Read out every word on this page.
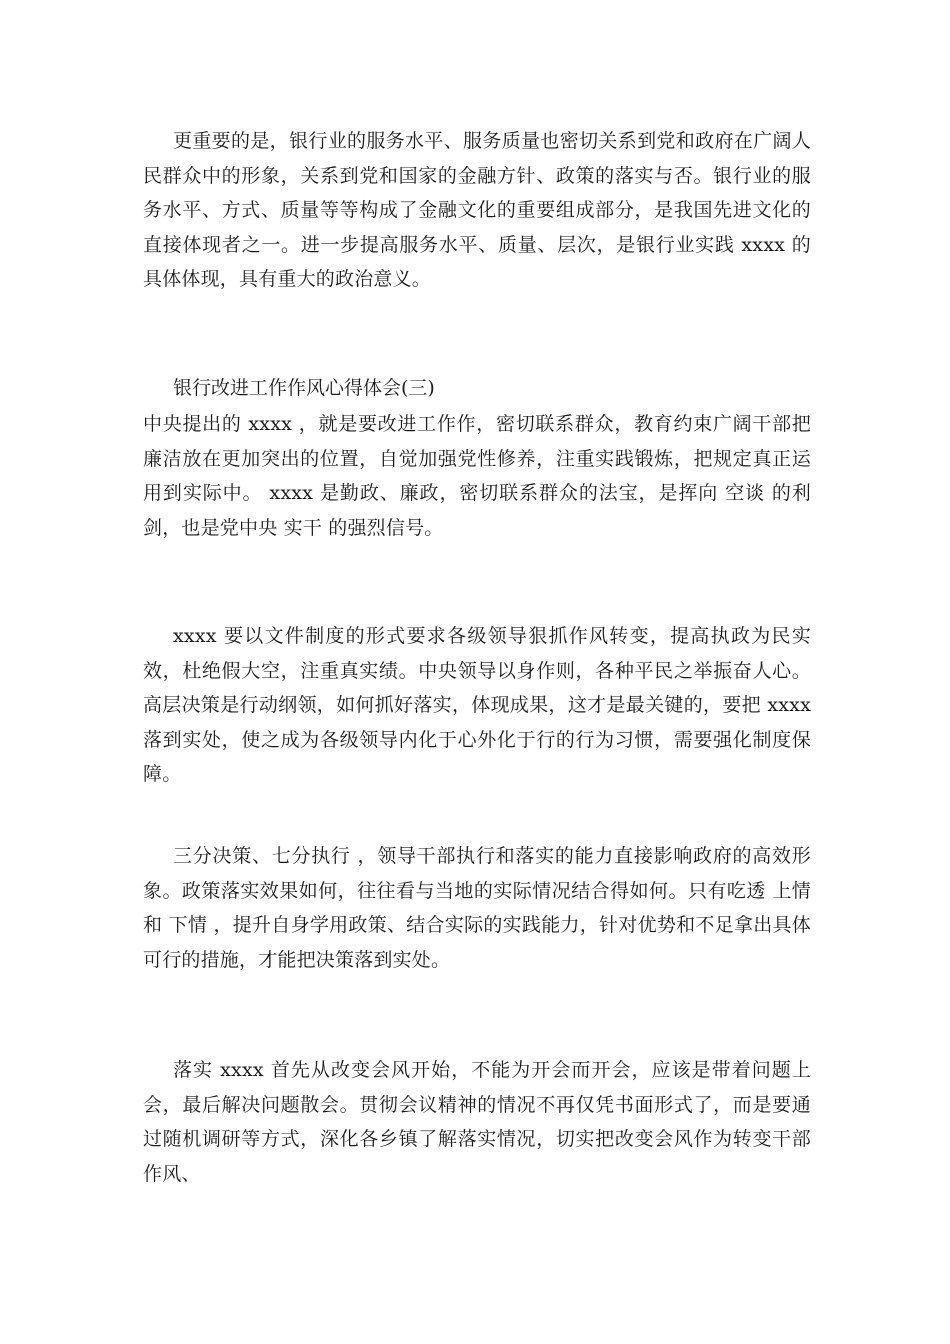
更重要的是，银行业的服务水平、服务质量也密切关系到党和政府在广阔人民群众中的形象，关系到党和国家的金融方针、政策的落实与否。银行业的服务水平、方式、质量等等构成了金融文化的重要组成部分，是我国先进文化的直接体现者之一。进一步提高服务水平、质量、层次，是银行业实践 xxxx 的具体体现，具有重大的政治意义。

银行改进工作作风心得体会(三)

中央提出的 xxxx ，就是要改进工作作，密切联系群众，教育约束广阔干部把廉洁放在更加突出的位置，自觉加强党性修养，注重实践锻炼，把规定真正运用到实际中。 xxxx 是勤政、廉政，密切联系群众的法宝，是挥向 空谈 的利剑，也是党中央 实干 的强烈信号。

xxxx 要以文件制度的形式要求各级领导狠抓作风转变，提高执政为民实效，杜绝假大空，注重真实绩。中央领导以身作则，各种平民之举振奋人心。高层决策是行动纲领，如何抓好落实，体现成果，这才是最关键的，要把 xxxx 落到实处，使之成为各级领导内化于心外化于行的行为习惯，需要强化制度保障。

三分决策、七分执行 ，领导干部执行和落实的能力直接影响政府的高效形象。政策落实效果如何，往往看与当地的实际情况结合得如何。只有吃透 上情和 下情 ，提升自身学用政策、结合实际的实践能力，针对优势和不足拿出具体可行的措施，才能把决策落到实处。

落实 xxxx 首先从改变会风开始，不能为开会而开会，应该是带着问题上会，最后解决问题散会。贯彻会议精神的情况不再仅凭书面形式了，而是要通过随机调研等方式，深化各乡镇了解落实情况，切实把改变会风作为转变干部作风、
